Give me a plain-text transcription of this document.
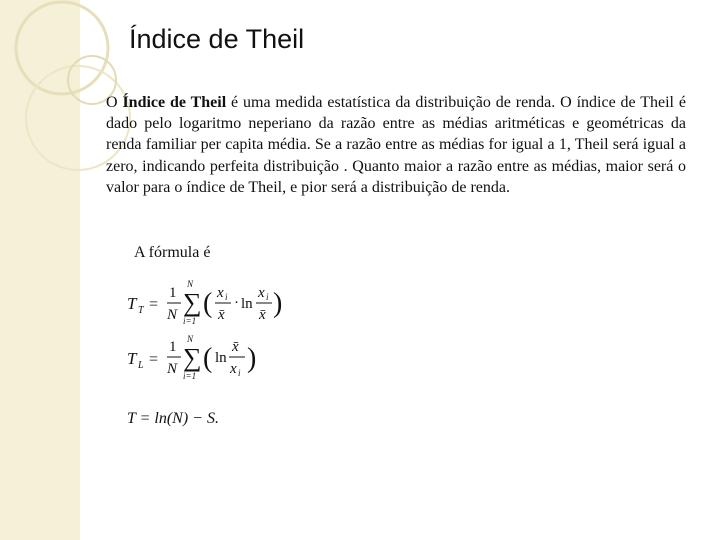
Índice de Theil
O Índice de Theil é uma medida estatística da distribuição de renda. O índice de Theil é dado pelo logaritmo neperiano da razão entre as médias aritméticas e geométricas da renda familiar per capita média. Se a razão entre as médias for igual a 1, Theil será igual a zero, indicando perfeita distribuição . Quanto maior a razão entre as médias, maior será o valor para o índice de Theil, e pior será a distribuição de renda.
A fórmula é
T T =
1
N
N
∑
i=1
( x i
x̄
· ln
x i
x̄ )
T L =
1
N
N
∑
i=1
( ln
x̄
x i )
T = ln(N) − S.
